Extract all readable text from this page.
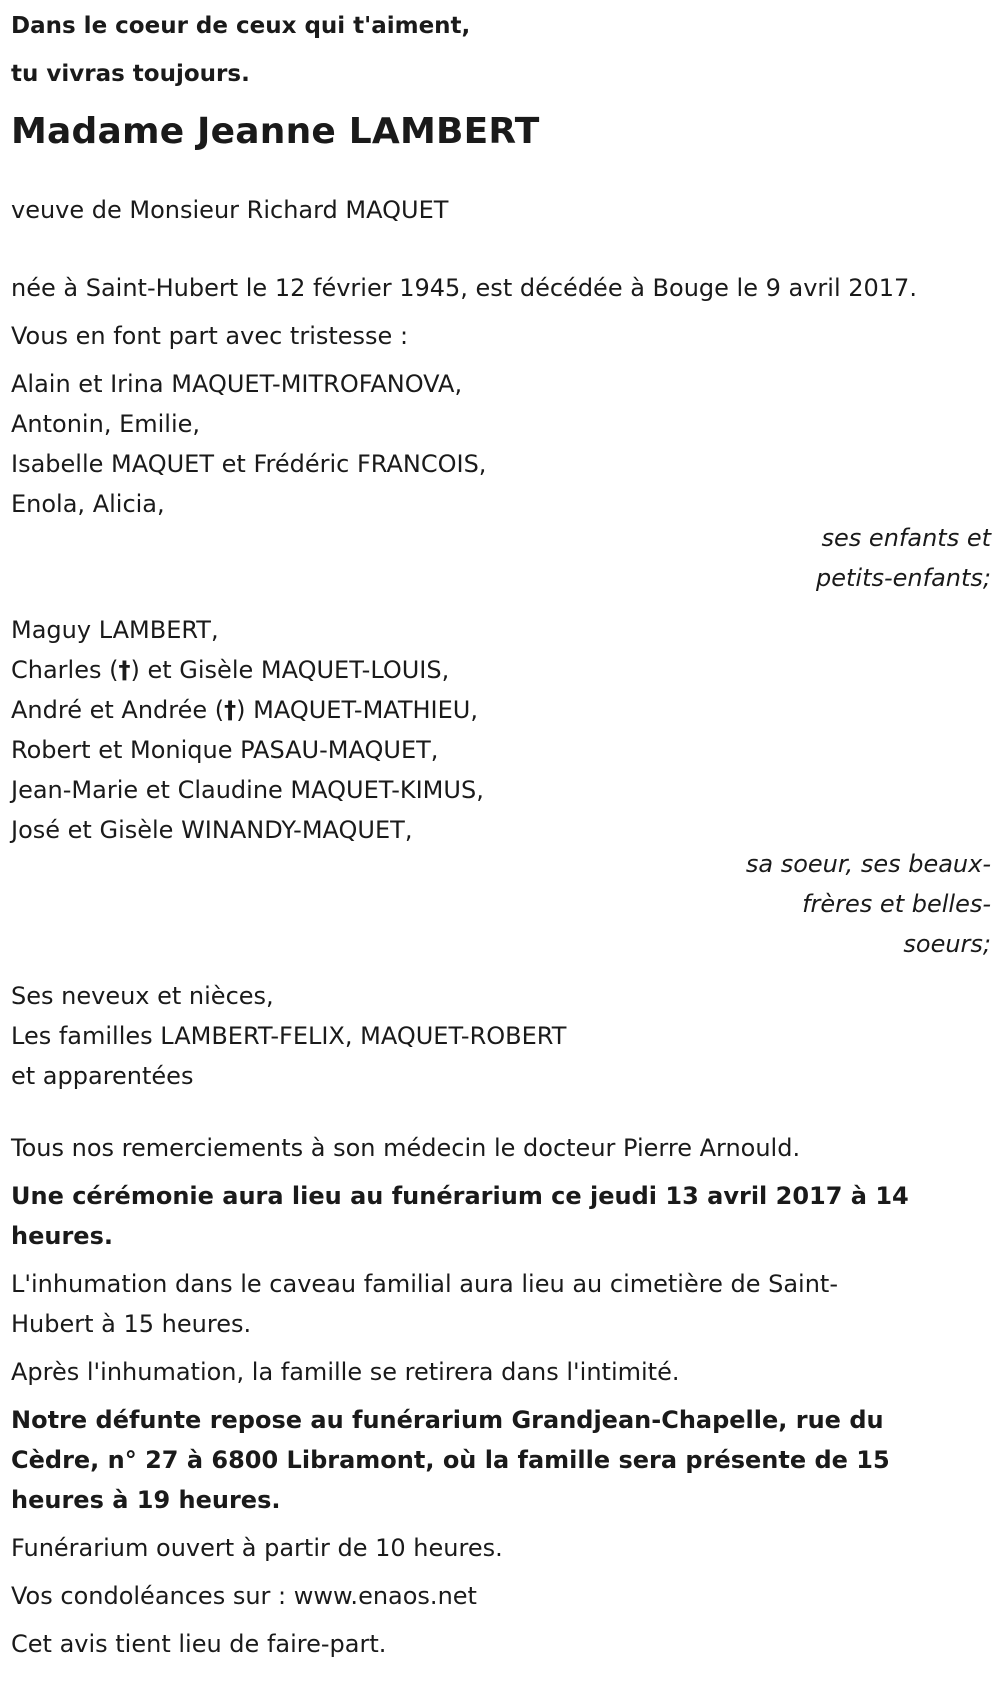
Dans le coeur de ceux qui t'aiment,
tu vivras toujours.
Madame Jeanne LAMBERT
veuve de Monsieur Richard MAQUET
née à Saint-Hubert le 12 février 1945, est décédée à Bouge le 9 avril 2017.
Vous en font part avec tristesse :
Alain et Irina MAQUET-MITROFANOVA,
Antonin, Emilie,
Isabelle MAQUET et Frédéric FRANCOIS,
Enola, Alicia,
ses enfants et
petits-enfants;
Maguy LAMBERT,
Charles (†) et Gisèle MAQUET-LOUIS,
André et Andrée (†) MAQUET-MATHIEU,
Robert et Monique PASAU-MAQUET,
Jean-Marie et Claudine MAQUET-KIMUS,
José et Gisèle WINANDY-MAQUET,
sa soeur, ses beaux-
frères et belles-
soeurs;
Ses neveux et nièces,
Les familles LAMBERT-FELIX, MAQUET-ROBERT
et apparentées
Tous nos remerciements à son médecin le docteur Pierre Arnould.
Une cérémonie aura lieu au funérarium ce jeudi 13 avril 2017 à 14
heures.
L'inhumation dans le caveau familial aura lieu au cimetière de Saint-
Hubert à 15 heures.
Après l'inhumation, la famille se retirera dans l'intimité.
Notre défunte repose au funérarium Grandjean-Chapelle, rue du
Cèdre, n° 27 à 6800 Libramont, où la famille sera présente de 15
heures à 19 heures.
Funérarium ouvert à partir de 10 heures.
Vos condoléances sur : www.enaos.net
Cet avis tient lieu de faire-part.
